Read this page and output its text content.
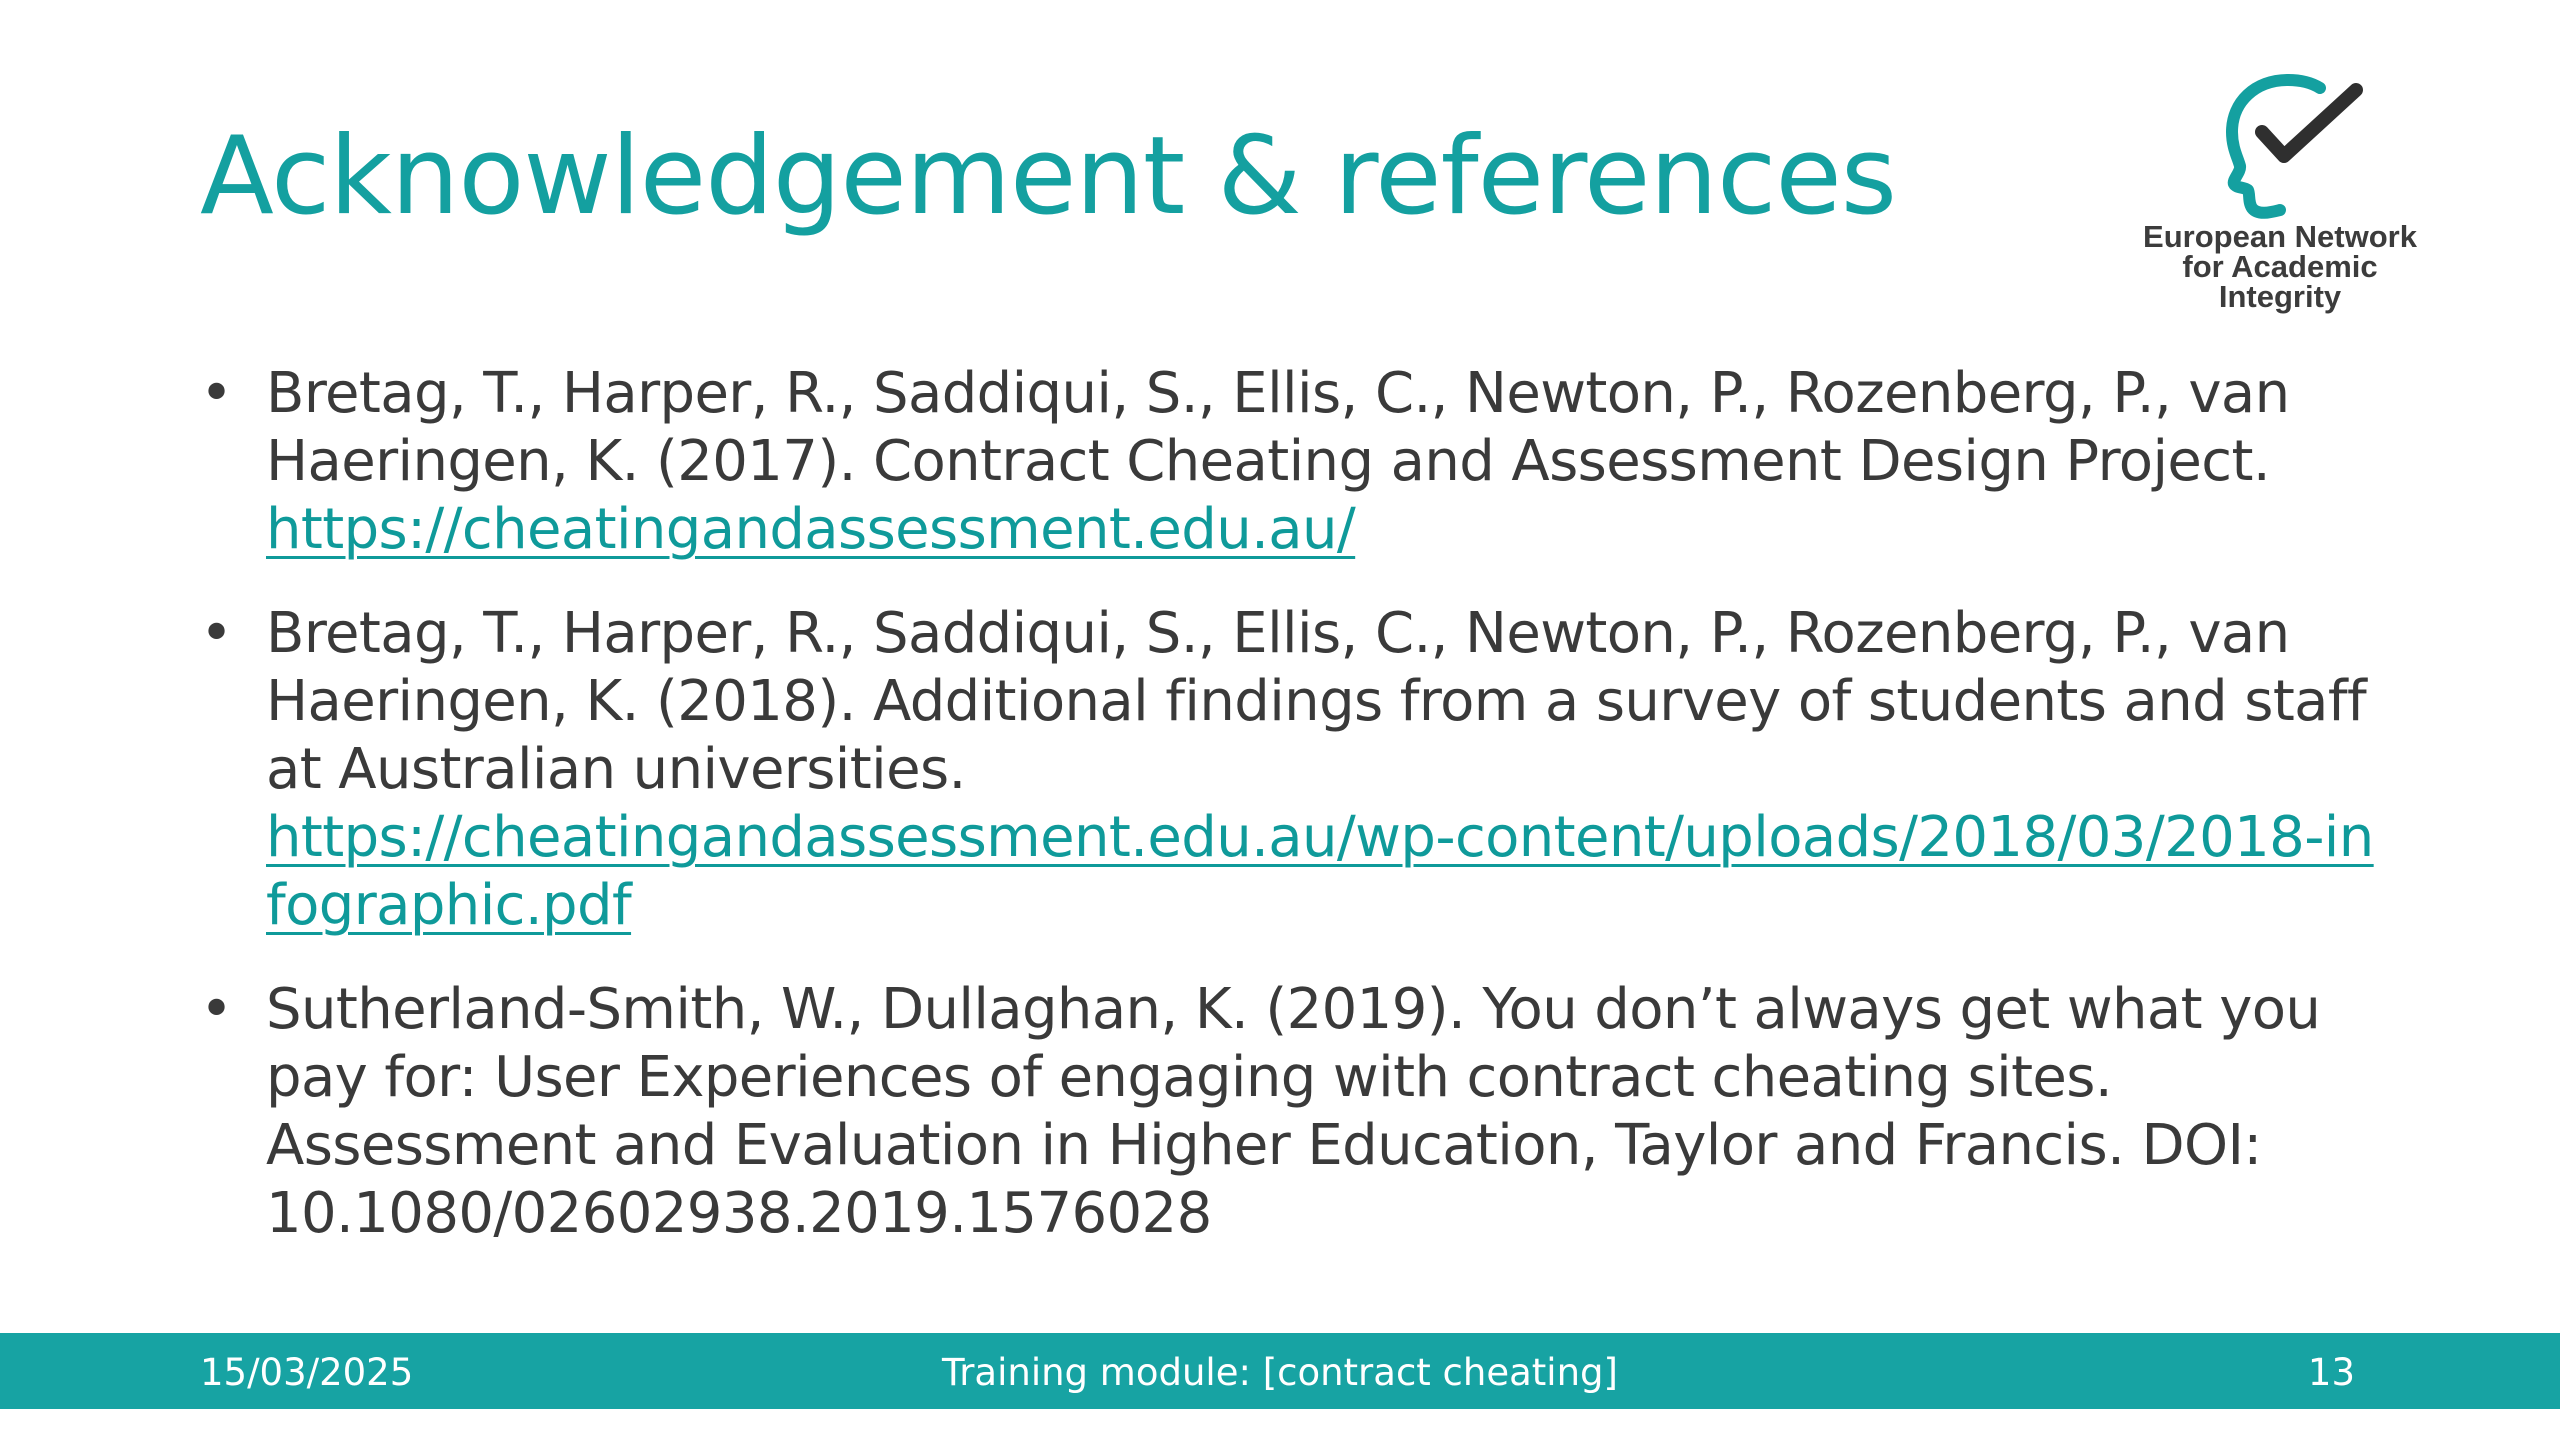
Acknowledgement & references	European Network
for Academic
Integrity
• Bretag, T., Harper, R., Saddiqui, S., Ellis, C., Newton, P., Rozenberg, P., van Haeringen, K. (2017). Contract Cheating and Assessment Design Project.
https://cheatingandassessment.edu.au/
• Bretag, T., Harper, R., Saddiqui, S., Ellis, C., Newton, P., Rozenberg, P., van Haeringen, K. (2018). Additional findings from a survey of students and staff at Australian universities.
https://cheatingandassessment.edu.au/wp-content/uploads/2018/03/2018-infographic.pdf
• Sutherland-Smith, W., Dullaghan, K. (2019). You don’t always get what you pay for: User Experiences of engaging with contract cheating sites. Assessment and Evaluation in Higher Education, Taylor and Francis. DOI: 10.1080/02602938.2019.1576028
15/03/2025	Training module: [contract cheating]	13
